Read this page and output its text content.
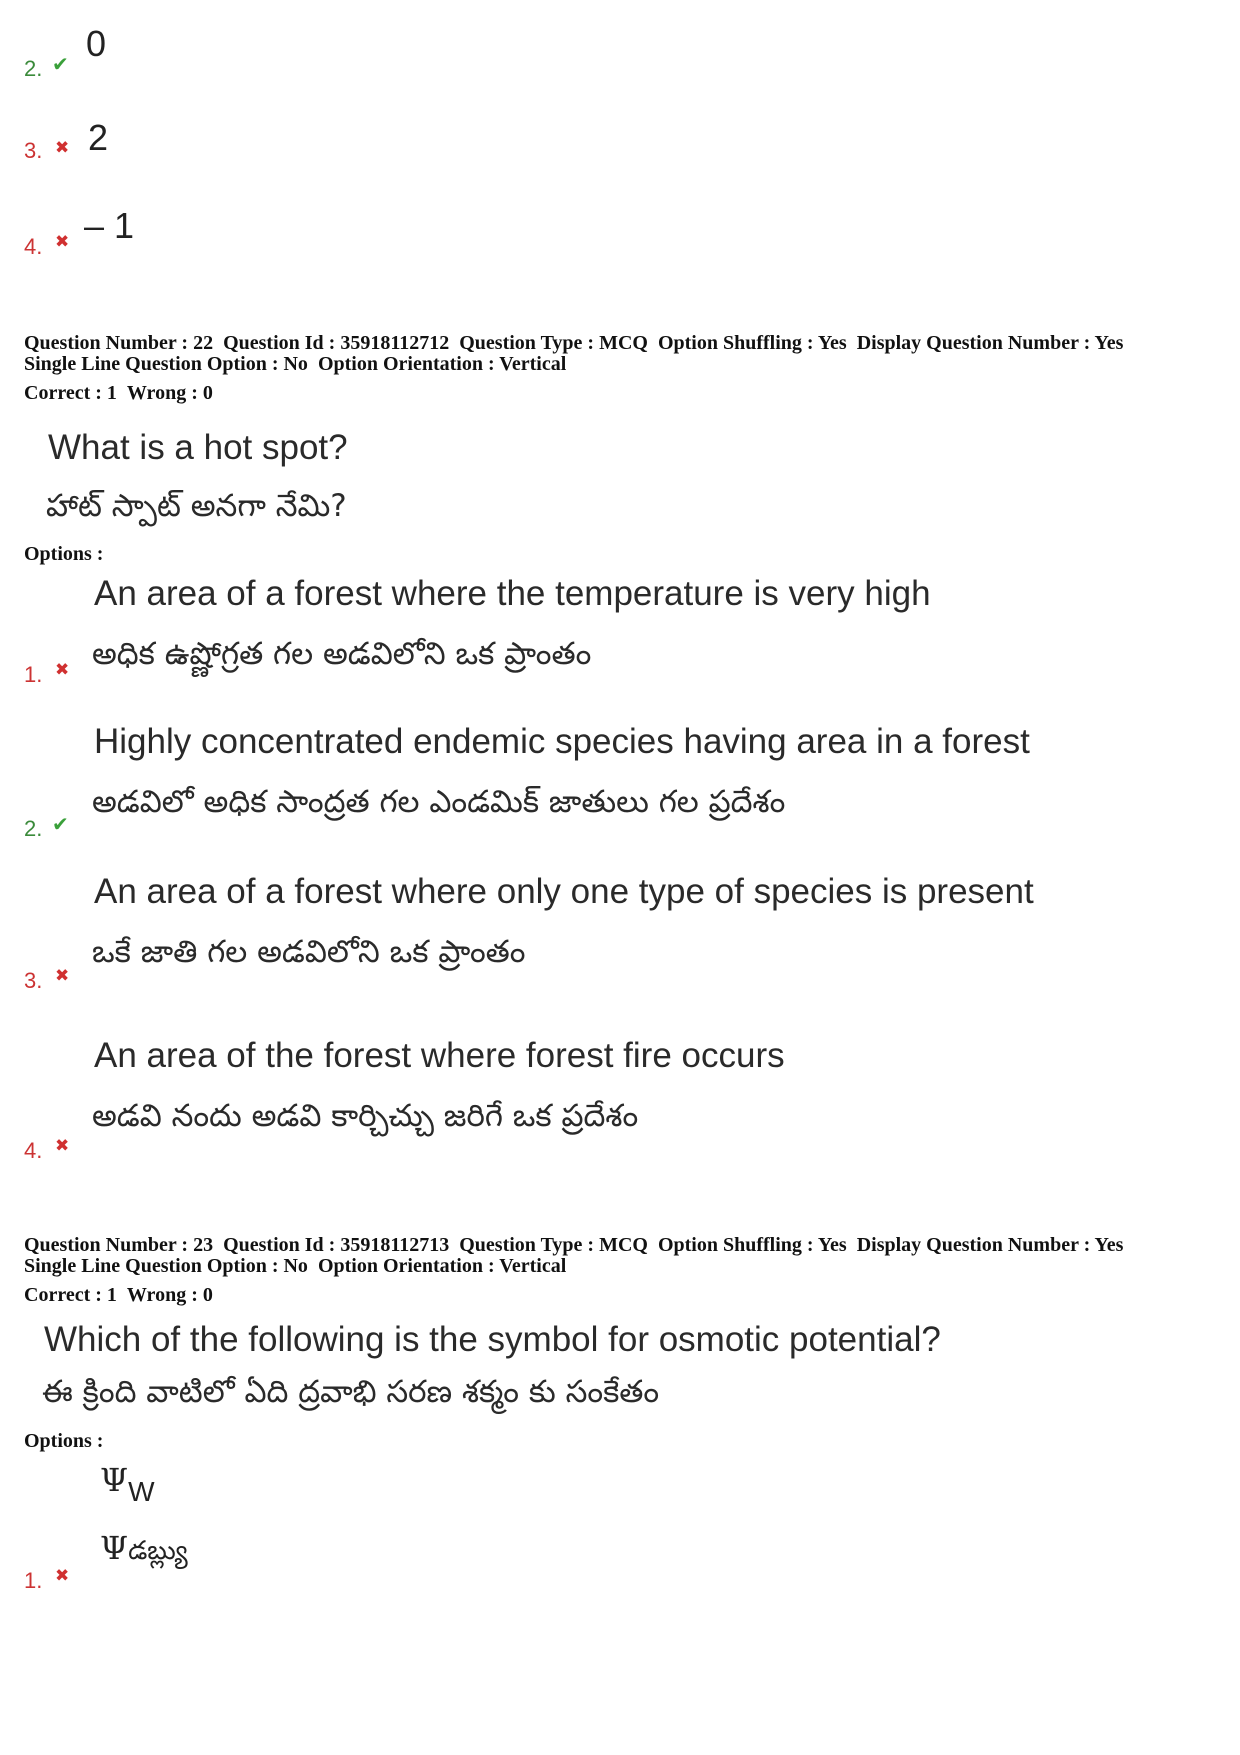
2. ✔ 0
3. ✖ 2
4. ✖ – 1
Question Number : 22 Question Id : 35918112712 Question Type : MCQ Option Shuffling : Yes Display Question Number : Yes
Single Line Question Option : No Option Orientation : Vertical
Correct : 1 Wrong : 0
What is a hot spot?
హాట్ స్పాట్ అనగా నేమి?
Options :
An area of a forest where the temperature is very high
అధిక ఉష్ణోగ్రత గల అడవిలోని ఒక ప్రాంతం
1. ✖
Highly concentrated endemic species having area in a forest
అడవిలో అధిక సాంద్రత గల ఎండమిక్ జాతులు గల ప్రదేశం
2. ✔
An area of a forest where only one type of species is present
ఒకే జాతి గల అడవిలోని ఒక ప్రాంతం
3. ✖
An area of the forest where forest fire occurs
అడవి నందు అడవి కార్చిచ్చు జరిగే ఒక ప్రదేశం
4. ✖
Question Number : 23 Question Id : 35918112713 Question Type : MCQ Option Shuffling : Yes Display Question Number : Yes
Single Line Question Option : No Option Orientation : Vertical
Correct : 1 Wrong : 0
Which of the following is the symbol for osmotic potential?
ఈ క్రింది వాటిలో ఏది ద్రవాభి సరణ శక్మం కు సంకేతం
Options :
$\Psi_W$
Ψడబ్ల్యు
1. ✖
